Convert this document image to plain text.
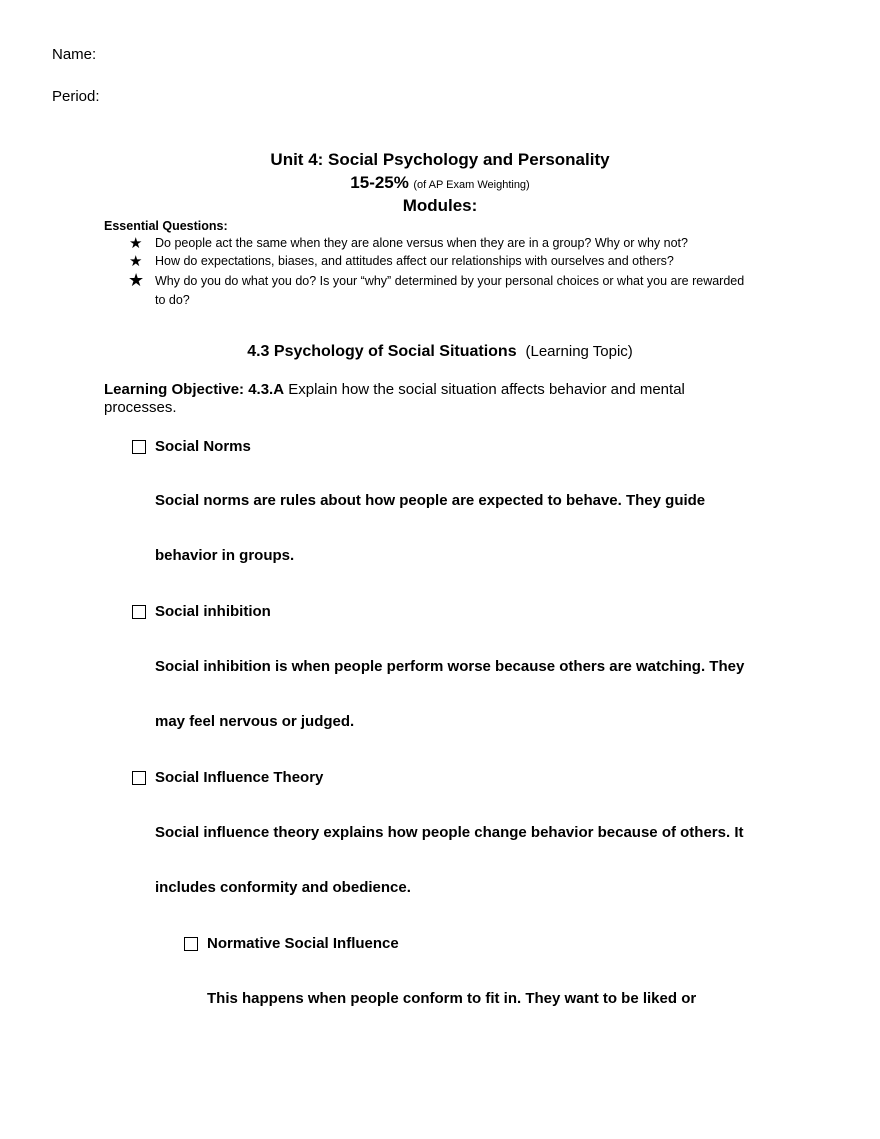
Name:
Period:
Unit 4: Social Psychology and Personality
15-25% (of AP Exam Weighting)
Modules:
Essential Questions:
★ Do people act the same when they are alone versus when they are in a group? Why or why not?
★ How do expectations, biases, and attitudes affect our relationships with ourselves and others?
★ Why do you do what you do? Is your “why” determined by your personal choices or what you are rewarded
to do?
4.3 Psychology of Social Situations (Learning Topic)
Learning Objective: 4.3.A Explain how the social situation affects behavior and mental
processes.
Social Norms
Social norms are rules about how people are expected to behave. They guide
behavior in groups.
Social inhibition
Social inhibition is when people perform worse because others are watching. They
may feel nervous or judged.
Social Influence Theory
Social influence theory explains how people change behavior because of others. It
includes conformity and obedience.
Normative Social Influence
This happens when people conform to fit in. They want to be liked or
